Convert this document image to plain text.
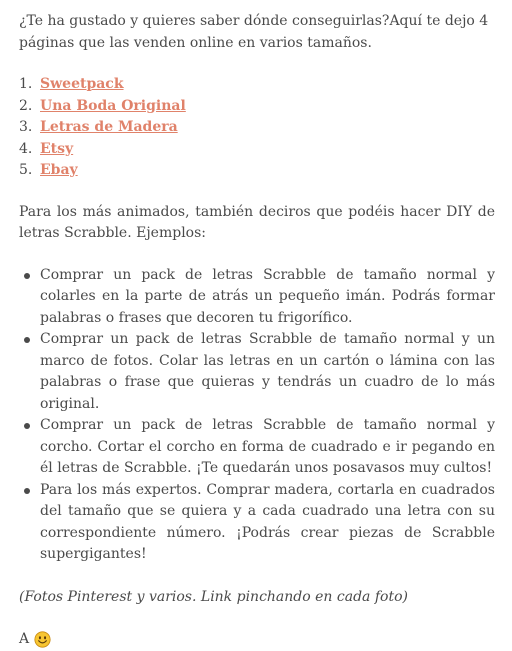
¿Te ha gustado y quieres saber dónde conseguirlas?Aquí te dejo 4 páginas que las venden online en varios tamaños.

1. Sweetpack
2. Una Boda Original
3. Letras de Madera
4. Etsy
5. Ebay

Para los más animados, también deciros que podéis hacer DIY de letras Scrabble. Ejemplos:

Comprar un pack de letras Scrabble de tamaño normal y colarles en la parte de atrás un pequeño imán. Podrás formar palabras o frases que decoren tu frigorífico.
Comprar un pack de letras Scrabble de tamaño normal y un marco de fotos. Colar las letras en un cartón o lámina con las palabras o frase que quieras y tendrás un cuadro de lo más original.
Comprar un pack de letras Scrabble de tamaño normal y corcho. Cortar el corcho en forma de cuadrado e ir pegando en él letras de Scrabble. ¡Te quedarán unos posavasos muy cultos!
Para los más expertos. Comprar madera, cortarla en cuadrados del tamaño que se quiera y a cada cuadrado una letra con su correspondiente número. ¡Podrás crear piezas de Scrabble supergigantes!

(Fotos Pinterest y varios. Link pinchando en cada foto)

A
